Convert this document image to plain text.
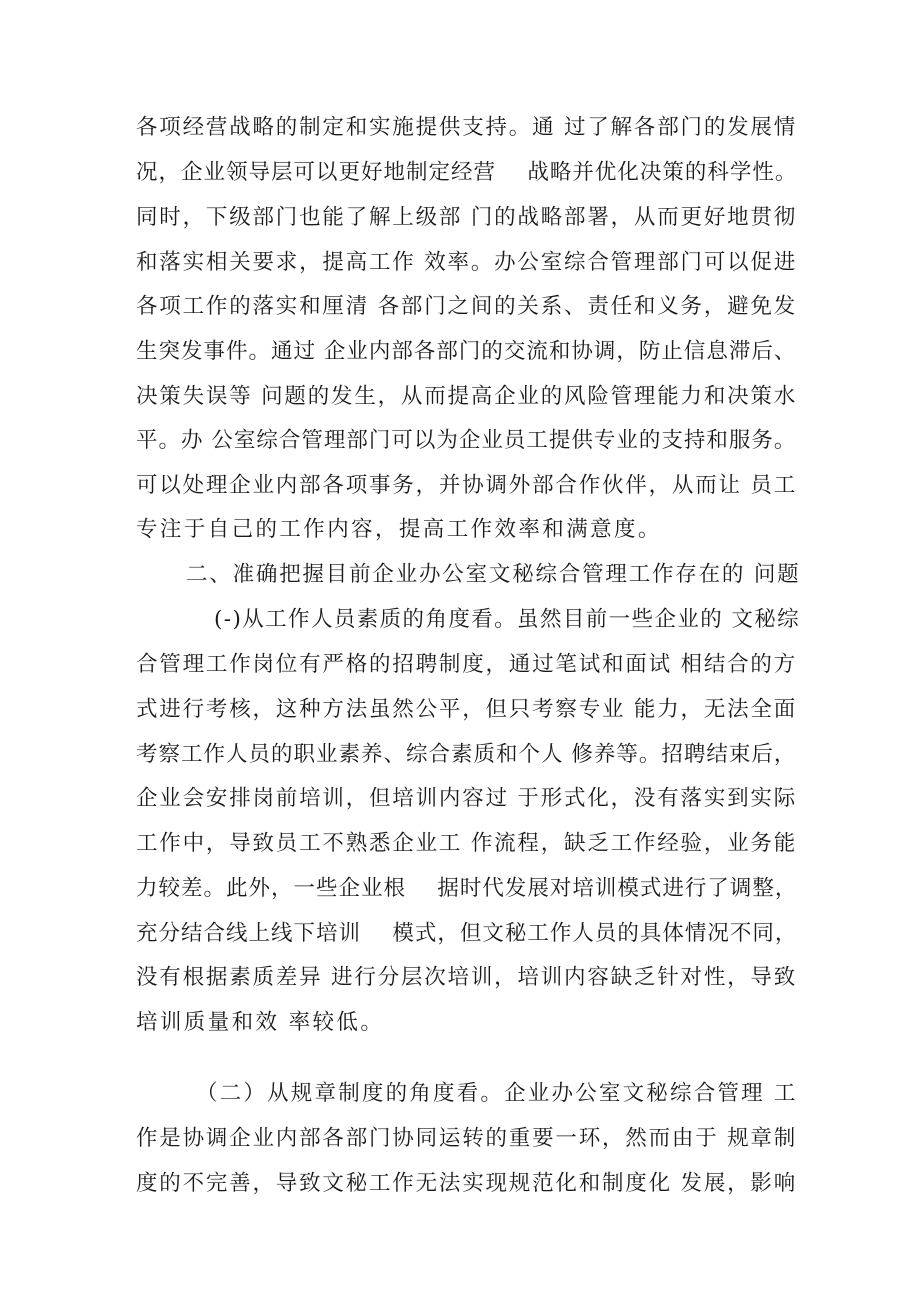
各项经营战略的制定和实施提供支持。通 过了解各部门的发展情
况，企业领导层可以更好地制定经营    战略并优化决策的科学性。
同时，下级部门也能了解上级部 门的战略部署，从而更好地贯彻
和落实相关要求，提高工作 效率。办公室综合管理部门可以促进
各项工作的落实和厘清 各部门之间的关系、责任和义务，避免发
生突发事件。通过 企业内部各部门的交流和协调，防止信息滞后、
决策失误等 问题的发生，从而提高企业的风险管理能力和决策水
平。办 公室综合管理部门可以为企业员工提供专业的支持和服务。
可以处理企业内部各项事务，并协调外部合作伙伴，从而让 员工
专注于自己的工作内容，提高工作效率和满意度。
二、准确把握目前企业办公室文秘综合管理工作存在的 问题
(-)从工作人员素质的角度看。虽然目前一些企业的 文秘综
合管理工作岗位有严格的招聘制度，通过笔试和面试 相结合的方
式进行考核，这种方法虽然公平，但只考察专业 能力，无法全面
考察工作人员的职业素养、综合素质和个人 修养等。招聘结束后，
企业会安排岗前培训，但培训内容过 于形式化，没有落实到实际
工作中，导致员工不熟悉企业工 作流程，缺乏工作经验，业务能
力较差。此外，一些企业根    据时代发展对培训模式进行了调整，
充分结合线上线下培训    模式，但文秘工作人员的具体情况不同，
没有根据素质差异 进行分层次培训，培训内容缺乏针对性，导致
培训质量和效 率较低。
（二）从规章制度的角度看。企业办公室文秘综合管理 工
作是协调企业内部各部门协同运转的重要一环，然而由于 规章制
度的不完善，导致文秘工作无法实现规范化和制度化 发展，影响
